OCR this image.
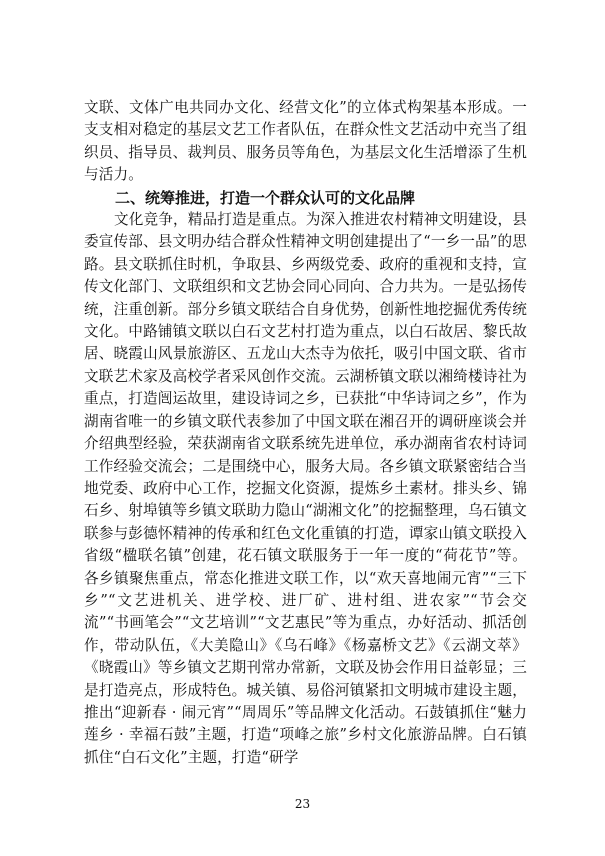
文联、文体广电共同办文化、经营文化”的立体式构架基本形成。一支支相对稳定的基层文艺工作者队伍，在群众性文艺活动中充当了组织员、指导员、裁判员、服务员等角色，为基层文化生活增添了生机与活力。

二、统筹推进，打造一个群众认可的文化品牌

文化竞争，精品打造是重点。为深入推进农村精神文明建设，县委宣传部、县文明办结合群众性精神文明创建提出了“一乡一品”的思路。县文联抓住时机，争取县、乡两级党委、政府的重视和支持，宣传文化部门、文联组织和文艺协会同心同向、合力共为。一是弘扬传统，注重创新。部分乡镇文联结合自身优势，创新性地挖掘优秀传统文化。中路铺镇文联以白石文艺村打造为重点，以白石故居、黎氏故居、晓霞山风景旅游区、五龙山大杰寺为依托，吸引中国文联、省市文联艺术家及高校学者采风创作交流。云湖桥镇文联以湘绮楼诗社为重点，打造闿运故里，建设诗词之乡，已获批“中华诗词之乡”，作为湖南省唯一的乡镇文联代表参加了中国文联在湘召开的调研座谈会并介绍典型经验，荣获湖南省文联系统先进单位，承办湖南省农村诗词工作经验交流会；二是围绕中心，服务大局。各乡镇文联紧密结合当地党委、政府中心工作，挖掘文化资源，提炼乡土素材。排头乡、锦石乡、射埠镇等乡镇文联助力隐山“湖湘文化”的挖掘整理，乌石镇文联参与彭德怀精神的传承和红色文化重镇的打造，谭家山镇文联投入省级“楹联名镇”创建，花石镇文联服务于一年一度的“荷花节”等。各乡镇聚焦重点，常态化推进文联工作，以“欢天喜地闹元宵”“三下乡”“文艺进机关、进学校、进厂矿、进村组、进农家”“节会交流”“书画笔会”“文艺培训”“文艺惠民”等为重点，办好活动、抓活创作，带动队伍，《大美隐山》《乌石峰》《杨嘉桥文艺》《云湖文萃》《晓霞山》等乡镇文艺期刊常办常新，文联及协会作用日益彰显；三是打造亮点，形成特色。城关镇、易俗河镇紧扣文明城市建设主题，推出“迎新春 · 闹元宵”“周周乐”等品牌文化活动。石鼓镇抓住“魅力莲乡 · 幸福石鼓”主题，打造“项峰之旅”乡村文化旅游品牌。白石镇抓住“白石文化”主题，打造“研学

23
